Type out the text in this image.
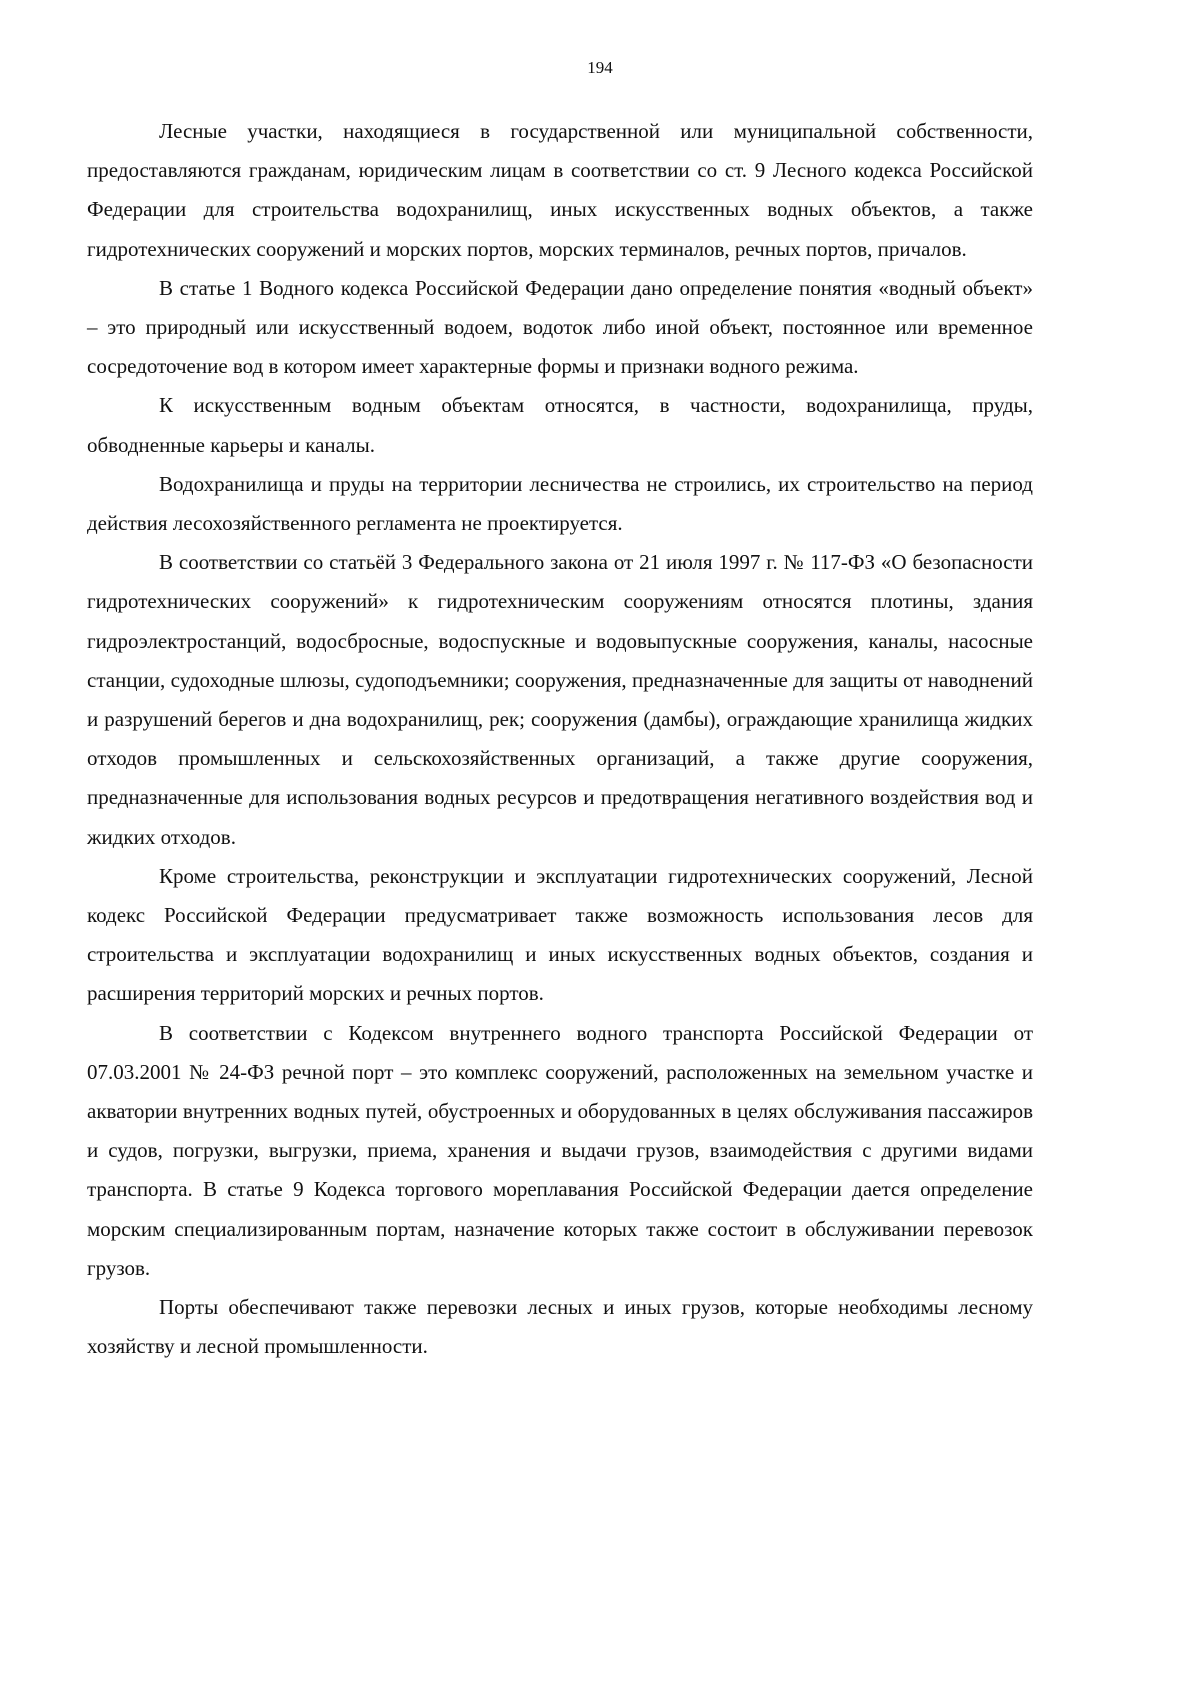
194

Лесные участки, находящиеся в государственной или муниципальной собственности, предоставляются гражданам, юридическим лицам в соответствии со ст. 9 Лесного кодекса Российской Федерации для строительства водохранилищ, иных искусственных водных объектов, а также гидротехнических сооружений и морских портов, морских терминалов, речных портов, причалов.

В статье 1 Водного кодекса Российской Федерации дано определение понятия «водный объект» – это природный или искусственный водоем, водоток либо иной объект, постоянное или временное сосредоточение вод в котором имеет характерные формы и признаки водного режима.

К искусственным водным объектам относятся, в частности, водохранилища, пруды, обводненные карьеры и каналы.

Водохранилища и пруды на территории лесничества не строились, их строительство на период действия лесохозяйственного регламента не проектируется.

В соответствии со статьёй 3 Федерального закона от 21 июля 1997 г. № 117-ФЗ «О безопасности гидротехнических сооружений» к гидротехническим сооружениям относятся плотины, здания гидроэлектростанций, водосбросные, водоспускные и водовыпускные сооружения, каналы, насосные станции, судоходные шлюзы, судоподъемники; сооружения, предназначенные для защиты от наводнений и разрушений берегов и дна водохранилищ, рек; сооружения (дамбы), ограждающие хранилища жидких отходов промышленных и сельскохозяйственных организаций, а также другие сооружения, предназначенные для использования водных ресурсов и предотвращения негативного воздействия вод и жидких отходов.

Кроме строительства, реконструкции и эксплуатации гидротехнических сооружений, Лесной кодекс Российской Федерации предусматривает также возможность использования лесов для строительства и эксплуатации водохранилищ и иных искусственных водных объектов, создания и расширения территорий морских и речных портов.

В соответствии с Кодексом внутреннего водного транспорта Российской Федерации от 07.03.2001 № 24-ФЗ речной порт – это комплекс сооружений, расположенных на земельном участке и акватории внутренних водных путей, обустроенных и оборудованных в целях обслуживания пассажиров и судов, погрузки, выгрузки, приема, хранения и выдачи грузов, взаимодействия с другими видами транспорта. В статье 9 Кодекса торгового мореплавания Российской Федерации дается определение морским специализированным портам, назначение которых также состоит в обслуживании перевозок грузов.

Порты обеспечивают также перевозки лесных и иных грузов, которые необходимы лесному хозяйству и лесной промышленности.
